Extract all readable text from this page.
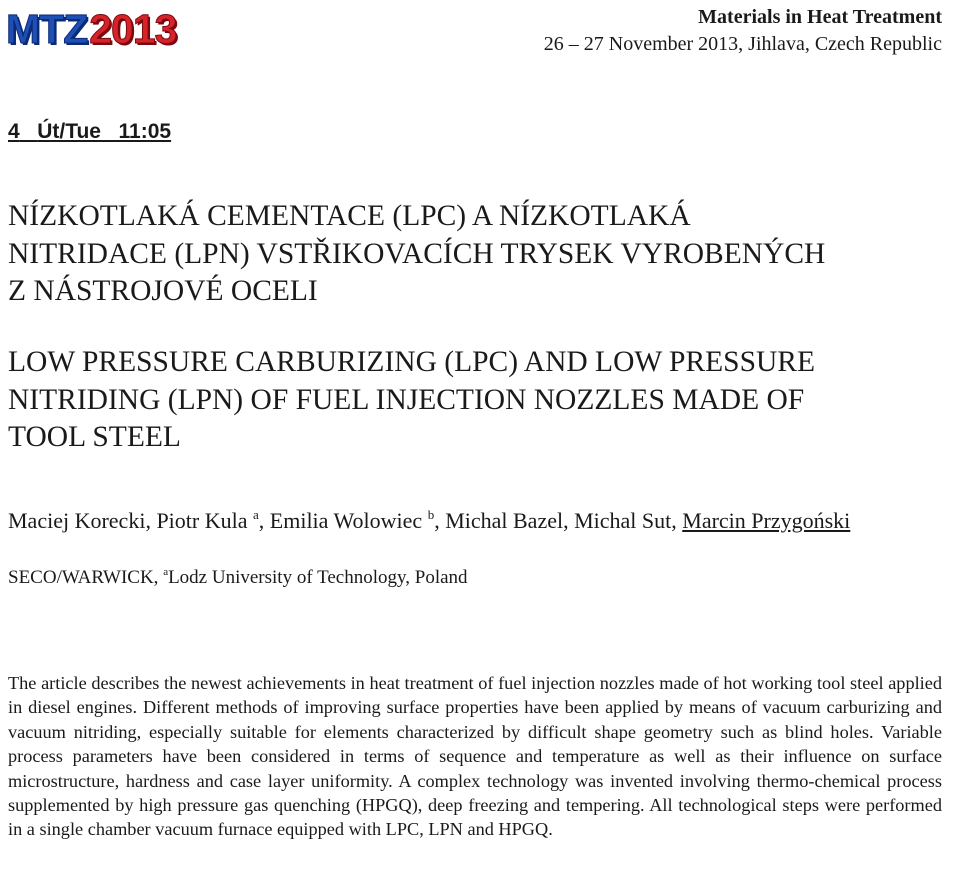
MTZ2013	Materials in Heat Treatment
26 – 27 November 2013, Jihlava, Czech Republic
4 Út/Tue 11:05
NÍZKOTLAKÁ CEMENTACE (LPC) A NÍZKOTLAKÁ
NITRIDACE (LPN) VSTŘIKOVACÍCH TRYSEK VYROBENÝCH
Z NÁSTROJOVÉ OCELI
LOW PRESSURE CARBURIZING (LPC) AND LOW PRESSURE
NITRIDING (LPN) OF FUEL INJECTION NOZZLES MADE OF
TOOL STEEL
Maciej Korecki, Piotr Kula $^a$, Emilia Wolowiec $^b$, Michal Bazel, Michal Sut, Marcin Przygoński
SECO/WARWICK, $^a$Lodz University of Technology, Poland

The article describes the newest achievements in heat treatment of fuel injection nozzles made of hot working tool steel applied in diesel engines. Different methods of improving surface properties have been applied by means of vacuum carburizing and vacuum nitriding, especially suitable for elements characterized by difficult shape geometry such as blind holes. Variable process parameters have been considered in terms of sequence and temperature as well as their influence on surface microstructure, hardness and case layer uniformity. A complex technology was invented involving thermo-chemical process supplemented by high pressure gas quenching (HPGQ), deep freezing and tempering. All technological steps were performed in a single chamber vacuum furnace equipped with LPC, LPN and HPGQ.
